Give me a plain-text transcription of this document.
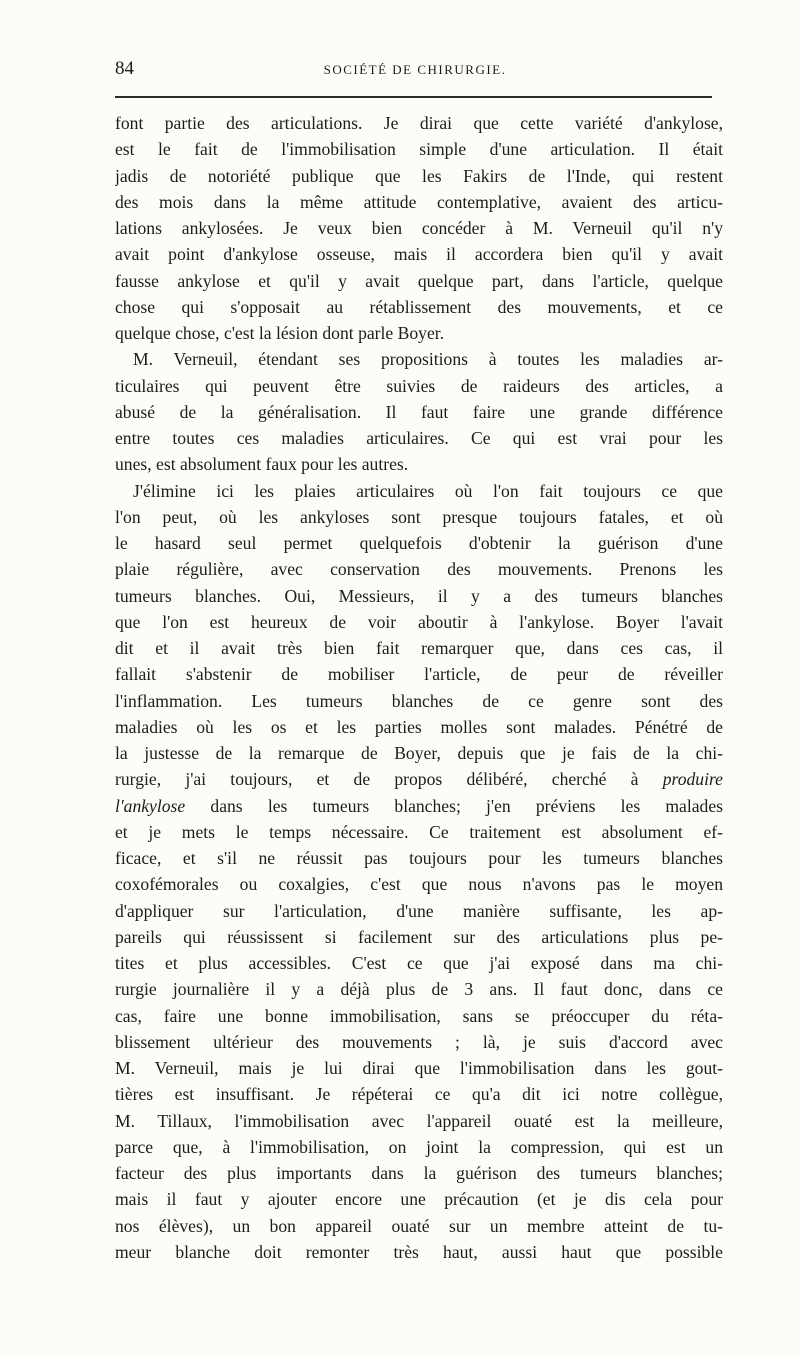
84	SOCIÉTÉ DE CHIRURGIE.
font partie des articulations. Je dirai que cette variété d'ankylose,
est le fait de l'immobilisation simple d'une articulation. Il était
jadis de notoriété publique que les Fakirs de l'Inde, qui restent
des mois dans la même attitude contemplative, avaient des articu-
lations ankylosées. Je veux bien concéder à M. Verneuil qu'il n'y
avait point d'ankylose osseuse, mais il accordera bien qu'il y avait
fausse ankylose et qu'il y avait quelque part, dans l'article, quelque
chose qui s'opposait au rétablissement des mouvements, et ce
quelque chose, c'est la lésion dont parle Boyer.
M. Verneuil, étendant ses propositions à toutes les maladies ar-
ticulaires qui peuvent être suivies de raideurs des articles, a
abusé de la généralisation. Il faut faire une grande différence
entre toutes ces maladies articulaires. Ce qui est vrai pour les
unes, est absolument faux pour les autres.
J'élimine ici les plaies articulaires où l'on fait toujours ce que
l'on peut, où les ankyloses sont presque toujours fatales, et où
le hasard seul permet quelquefois d'obtenir la guérison d'une
plaie régulière, avec conservation des mouvements. Prenons les
tumeurs blanches. Oui, Messieurs, il y a des tumeurs blanches
que l'on est heureux de voir aboutir à l'ankylose. Boyer l'avait
dit et il avait très bien fait remarquer que, dans ces cas, il
fallait s'abstenir de mobiliser l'article, de peur de réveiller
l'inflammation. Les tumeurs blanches de ce genre sont des
maladies où les os et les parties molles sont malades. Pénétré de
la justesse de la remarque de Boyer, depuis que je fais de la chi-
rurgie, j'ai toujours, et de propos délibéré, cherché à produire
l'ankylose dans les tumeurs blanches; j'en préviens les malades
et je mets le temps nécessaire. Ce traitement est absolument ef-
ficace, et s'il ne réussit pas toujours pour les tumeurs blanches
coxofémorales ou coxalgies, c'est que nous n'avons pas le moyen
d'appliquer sur l'articulation, d'une manière suffisante, les ap-
pareils qui réussissent si facilement sur des articulations plus pe-
tites et plus accessibles. C'est ce que j'ai exposé dans ma chi-
rurgie journalière il y a déjà plus de 3 ans. Il faut donc, dans ce
cas, faire une bonne immobilisation, sans se préoccuper du réta-
blissement ultérieur des mouvements ; là, je suis d'accord avec
M. Verneuil, mais je lui dirai que l'immobilisation dans les gout-
tières est insuffisant. Je répéterai ce qu'a dit ici notre collègue,
M. Tillaux, l'immobilisation avec l'appareil ouaté est la meilleure,
parce que, à l'immobilisation, on joint la compression, qui est un
facteur des plus importants dans la guérison des tumeurs blanches;
mais il faut y ajouter encore une précaution (et je dis cela pour
nos élèves), un bon appareil ouaté sur un membre atteint de tu-
meur blanche doit remonter très haut, aussi haut que possible
